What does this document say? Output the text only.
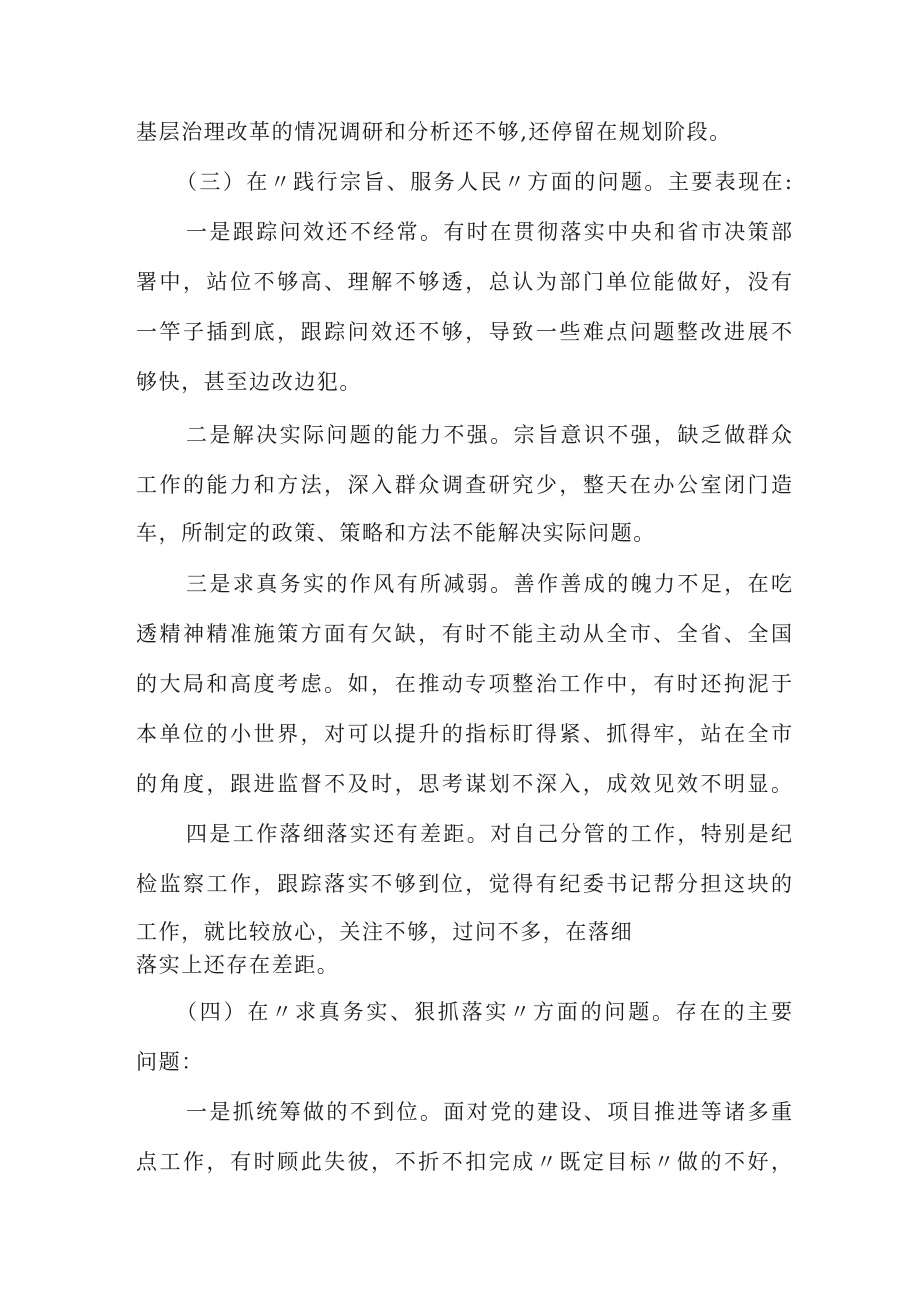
基层治理改革的情况调研和分析还不够,还停留在规划阶段。
（三）在〃践行宗旨、服务人民〃方面的问题。主要表现在:
一是跟踪问效还不经常。有时在贯彻落实中央和省市决策部
署中，站位不够高、理解不够透，总认为部门单位能做好，没有
一竿子插到底，跟踪问效还不够，导致一些难点问题整改进展不
够快，甚至边改边犯。
二是解决实际问题的能力不强。宗旨意识不强，缺乏做群众
工作的能力和方法，深入群众调查研究少，整天在办公室闭门造
车，所制定的政策、策略和方法不能解决实际问题。
三是求真务实的作风有所减弱。善作善成的魄力不足，在吃
透精神精准施策方面有欠缺，有时不能主动从全市、全省、全国
的大局和高度考虑。如，在推动专项整治工作中，有时还拘泥于
本单位的小世界，对可以提升的指标盯得紧、抓得牢，站在全市
的角度，跟进监督不及时，思考谋划不深入，成效见效不明显。
四是工作落细落实还有差距。对自己分管的工作，特别是纪
检监察工作，跟踪落实不够到位，觉得有纪委书记帮分担这块的
工作，就比较放心，关注不够，过问不多，在落细
落实上还存在差距。
（四）在〃求真务实、狠抓落实〃方面的问题。存在的主要
问题：
一是抓统筹做的不到位。面对党的建设、项目推进等诸多重
点工作，有时顾此失彼，不折不扣完成〃既定目标〃做的不好，
